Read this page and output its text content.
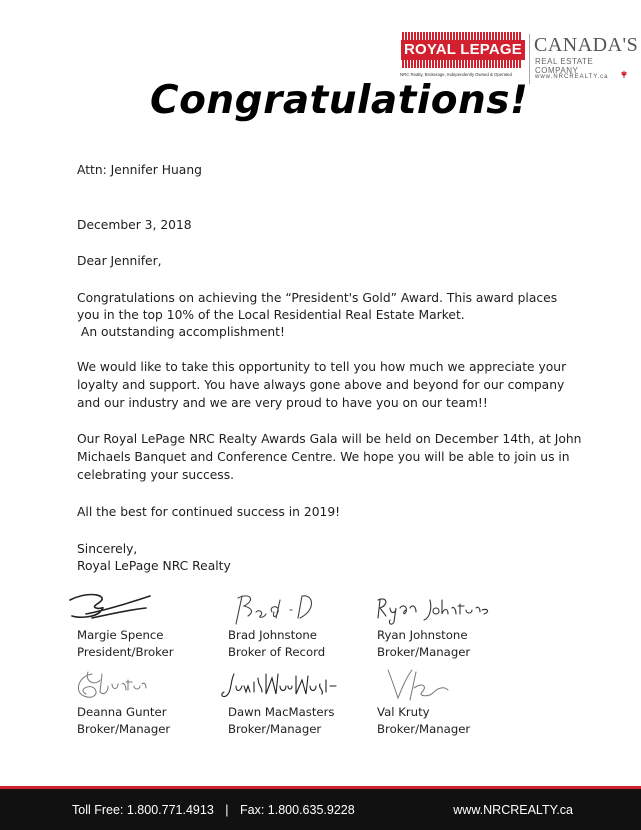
ROYAL LEPAGE
NRC Realty, Brokerage, Independently Owned & Operated
CANADA'S
REAL ESTATE COMPANY
www.NRCREALTY.ca
Congratulations!
Attn: Jennifer Huang
December 3, 2018
Dear Jennifer,
Congratulations on achieving the “President's Gold” Award. This award places
you in the top 10% of the Local Residential Real Estate Market.
An outstanding accomplishment!
We would like to take this opportunity to tell you how much we appreciate your
loyalty and support. You have always gone above and beyond for our company
and our industry and we are very proud to have you on our team!!
Our Royal LePage NRC Realty Awards Gala will be held on December 14th, at John
Michaels Banquet and Conference Centre. We hope you will be able to join us in
celebrating your success.
All the best for continued success in 2019!
Sincerely,
Royal LePage NRC Realty
Margie Spence
President/Broker
Brad Johnstone
Broker of Record
Ryan Johnstone
Broker/Manager
Deanna Gunter
Broker/Manager
Dawn MacMasters
Broker/Manager
Val Kruty
Broker/Manager
Toll Free: 1.800.771.4913 | Fax: 1.800.635.9228	www.NRCREALTY.ca
